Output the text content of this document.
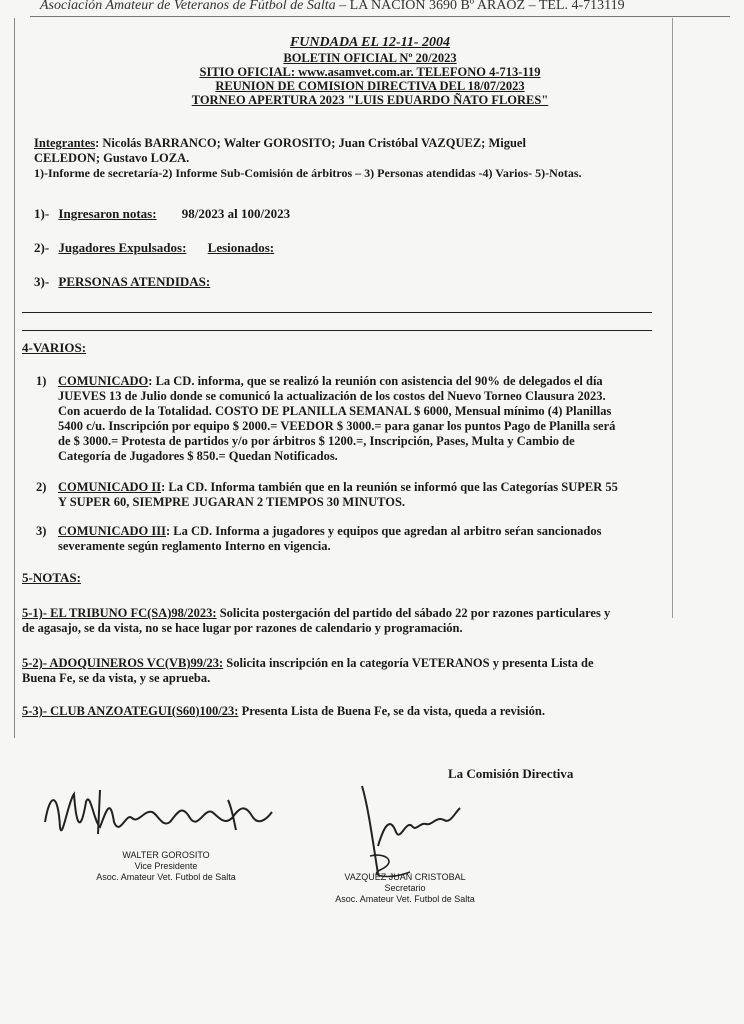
Asociación Amateur de Veteranos de Fútbol de Salta – LA NACION 3690 Bº ARAOZ – TEL. 4-713119
FUNDADA EL 12-11- 2004
BOLETIN OFICIAL Nº 20/2023
SITIO OFICIAL: www.asamvet.com.ar. TELEFONO 4-713-119
REUNION DE COMISION DIRECTIVA DEL 18/07/2023
TORNEO APERTURA 2023 "LUIS EDUARDO ÑATO FLORES"
Integrantes: Nicolás BARRANCO; Walter GOROSITO; Juan Cristóbal VAZQUEZ; Miguel
CELEDON; Gustavo LOZA.
1)-Informe de secretaría-2) Informe Sub-Comisión de árbitros – 3) Personas atendidas -4) Varios- 5)-Notas.
1)- Ingresaron notas: 98/2023 al 100/2023
2)- Jugadores Expulsados: Lesionados:
3)- PERSONAS ATENDIDAS:
4-VARIOS:
1) COMUNICADO: La CD. informa, que se realizó la reunión con asistencia del 90% de delegados el día
JUEVES 13 de Julio donde se comunicó la actualización de los costos del Nuevo Torneo Clausura 2023.
Con acuerdo de la Totalidad. COSTO DE PLANILLA SEMANAL $ 6000, Mensual mínimo (4) Planillas
5400 c/u. Inscripción por equipo $ 2000.= VEEDOR $ 3000.= para ganar los puntos Pago de Planilla será
de $ 3000.= Protesta de partidos y/o por árbitros $ 1200.=, Inscripción, Pases, Multa y Cambio de
Categoría de Jugadores $ 850.= Quedan Notificados.
2) COMUNICADO II: La CD. Informa también que en la reunión se informó que las Categorías SUPER 55
Y SUPER 60, SIEMPRE JUGARAN 2 TIEMPOS 30 MINUTOS.
3) COMUNICADO III: La CD. Informa a jugadores y equipos que agredan al arbitro seŕan sancionados
severamente según reglamento Interno en vigencia.
5-NOTAS:
5-1)- EL TRIBUNO FC(SA)98/2023: Solicita postergación del partido del sábado 22 por razones particulares y
de agasajo, se da vista, no se hace lugar por razones de calendario y programación.
5-2)- ADOQUINEROS VC(VB)99/23: Solicita inscripción en la categoría VETERANOS y presenta Lista de
Buena Fe, se da vista, y se aprueba.
5-3)- CLUB ANZOATEGUI(S60)100/23: Presenta Lista de Buena Fe, se da vista, queda a revisión.
La Comisión Directiva
WALTER GOROSITO
Vice Presidente
Asoc. Amateur Vet. Futbol de Salta	VAZQUEZ JUAN CRISTOBAL
Secretario
Asoc. Amateur Vet. Futbol de Salta
